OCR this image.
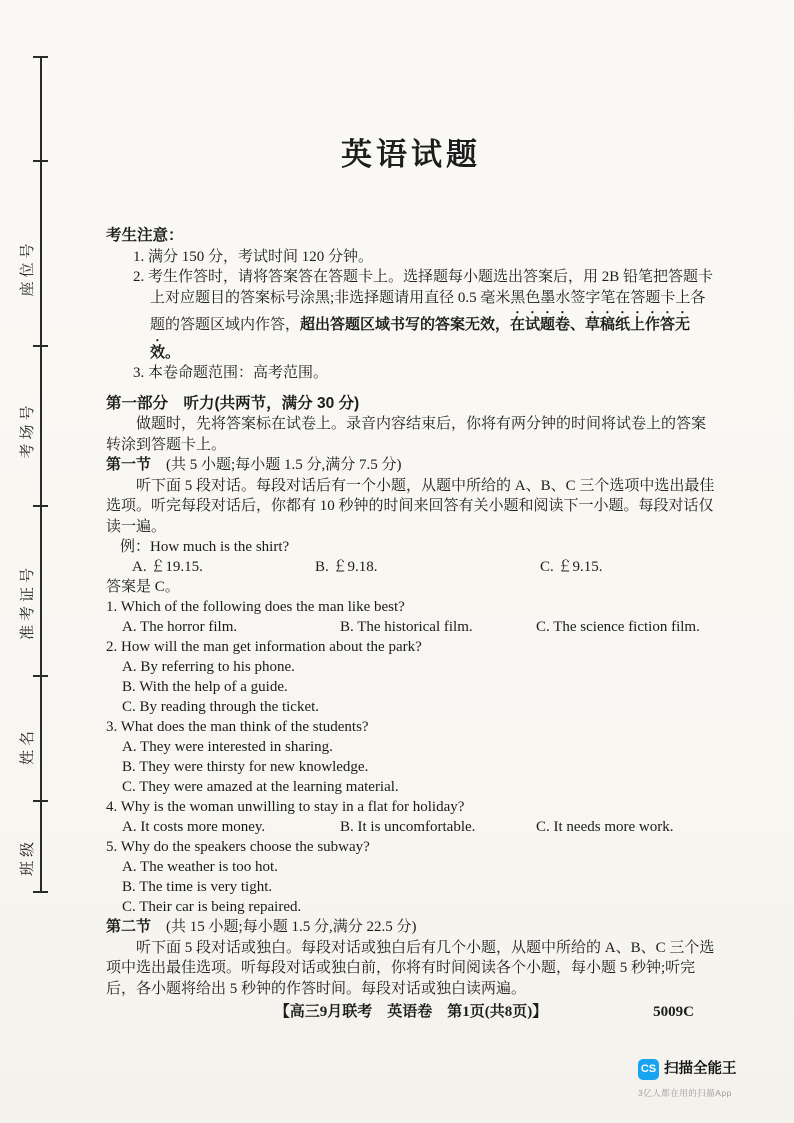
座位号
考场号
准考证号
姓名
班级
英语试题
考生注意：
1. 满分 150 分，考试时间 120 分钟。
2. 考生作答时，请将答案答在答题卡上。选择题每小题选出答案后，用 2B 铅笔把答题卡上对应题目的答案标号涂黑;非选择题请用直径 0.5 毫米黑色墨水签字笔在答题卡上各题的答题区域内作答，超出答题区域书写的答案无效，在试题卷、草稿纸上作答无效。
3. 本卷命题范围：高考范围。
第一部分　听力(共两节，满分 30 分)
做题时，先将答案标在试卷上。录音内容结束后，你将有两分钟的时间将试卷上的答案转涂到答题卡上。
第一节　 (共 5 小题;每小题 1.5 分,满分 7.5 分)
听下面 5 段对话。每段对话后有一个小题，从题中所给的 A、B、C 三个选项中选出最佳选项。听完每段对话后，你都有 10 秒钟的时间来回答有关小题和阅读下一小题。每段对话仅读一遍。
例：How much is the shirt?
A. ￡19.15.	B. ￡9.18.	C. ￡9.15.
答案是 C。
1. Which of the following does the man like best?
A. The horror film.	B. The historical film.	C. The science fiction film.
2. How will the man get information about the park?
A. By referring to his phone.
B. With the help of a guide.
C. By reading through the ticket.
3. What does the man think of the students?
A. They were interested in sharing.
B. They were thirsty for new knowledge.
C. They were amazed at the learning material.
4. Why is the woman unwilling to stay in a flat for holiday?
A. It costs more money.	B. It is uncomfortable.	C. It needs more work.
5. Why do the speakers choose the subway?
A. The weather is too hot.
B. The time is very tight.
C. Their car is being repaired.
第二节　 (共 15 小题;每小题 1.5 分,满分 22.5 分)
听下面 5 段对话或独白。每段对话或独白后有几个小题，从题中所给的 A、B、C 三个选项中选出最佳选项。听每段对话或独白前，你将有时间阅读各个小题，每小题 5 秒钟;听完后，各小题将给出 5 秒钟的作答时间。每段对话或独白读两遍。
【高三9月联考　英语卷　第1页(共8页)】	5009C
CS 扫描全能王
3亿人都在用的扫描App
